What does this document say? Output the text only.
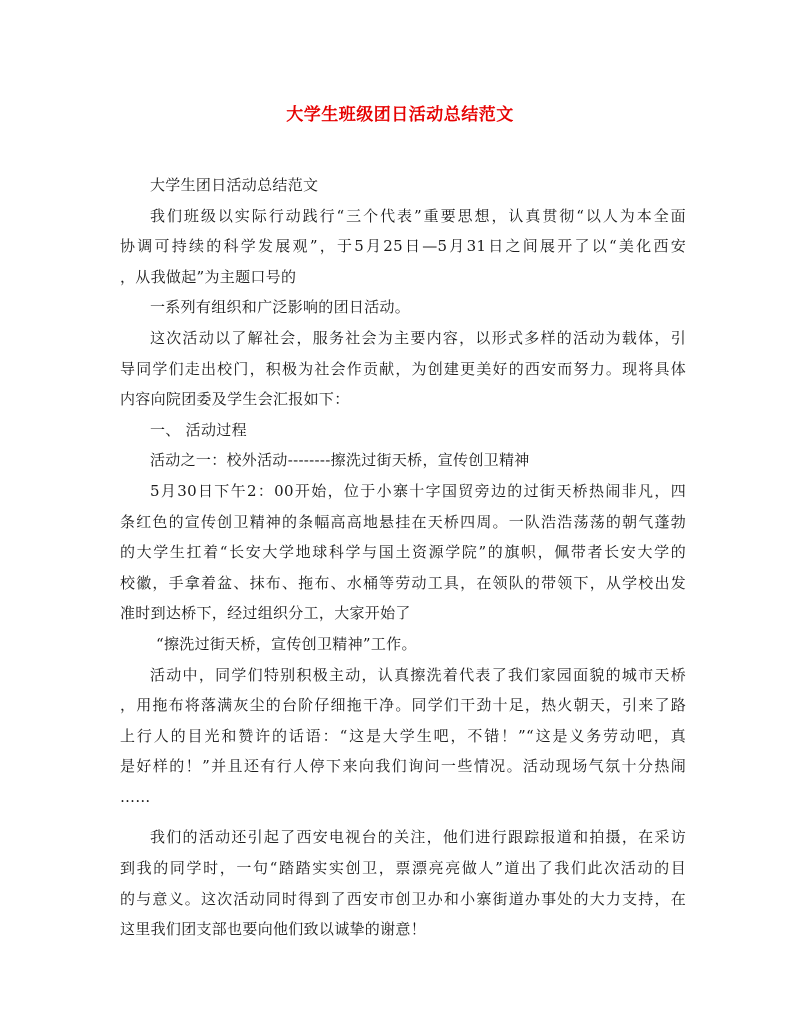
大学生班级团日活动总结范文
大学生团日活动总结范文
我们班级以实际行动践行“三个代表”重要思想，认真贯彻“以人为本全面
协调可持续的科学发展观”，于5月25日—5月31日之间展开了以“美化西安
，从我做起”为主题口号的
一系列有组织和广泛影响的团日活动。
这次活动以了解社会，服务社会为主要内容，以形式多样的活动为载体，引
导同学们走出校门，积极为社会作贡献，为创建更美好的西安而努力。现将具体
内容向院团委及学生会汇报如下：
一、 活动过程
活动之一：校外活动--------擦洗过街天桥，宣传创卫精神
5月30日下午2：00开始，位于小寨十字国贸旁边的过街天桥热闹非凡，四
条红色的宣传创卫精神的条幅高高地悬挂在天桥四周。一队浩浩荡荡的朝气蓬勃
的大学生扛着“长安大学地球科学与国土资源学院”的旗帜，佩带者长安大学的
校徽，手拿着盆、抹布、拖布、水桶等劳动工具，在领队的带领下，从学校出发
准时到达桥下，经过组织分工，大家开始了
“擦洗过街天桥，宣传创卫精神”工作。
活动中，同学们特别积极主动，认真擦洗着代表了我们家园面貌的城市天桥
，用拖布将落满灰尘的台阶仔细拖干净。同学们干劲十足，热火朝天，引来了路
上行人的目光和赞许的话语：“这是大学生吧，不错！”“这是义务劳动吧，真
是好样的！”并且还有行人停下来向我们询问一些情况。活动现场气氛十分热闹
……
我们的活动还引起了西安电视台的关注，他们进行跟踪报道和拍摄，在采访
到我的同学时，一句“踏踏实实创卫，票漂亮亮做人”道出了我们此次活动的目
的与意义。这次活动同时得到了西安市创卫办和小寨街道办事处的大力支持，在
这里我们团支部也要向他们致以诚挚的谢意！
